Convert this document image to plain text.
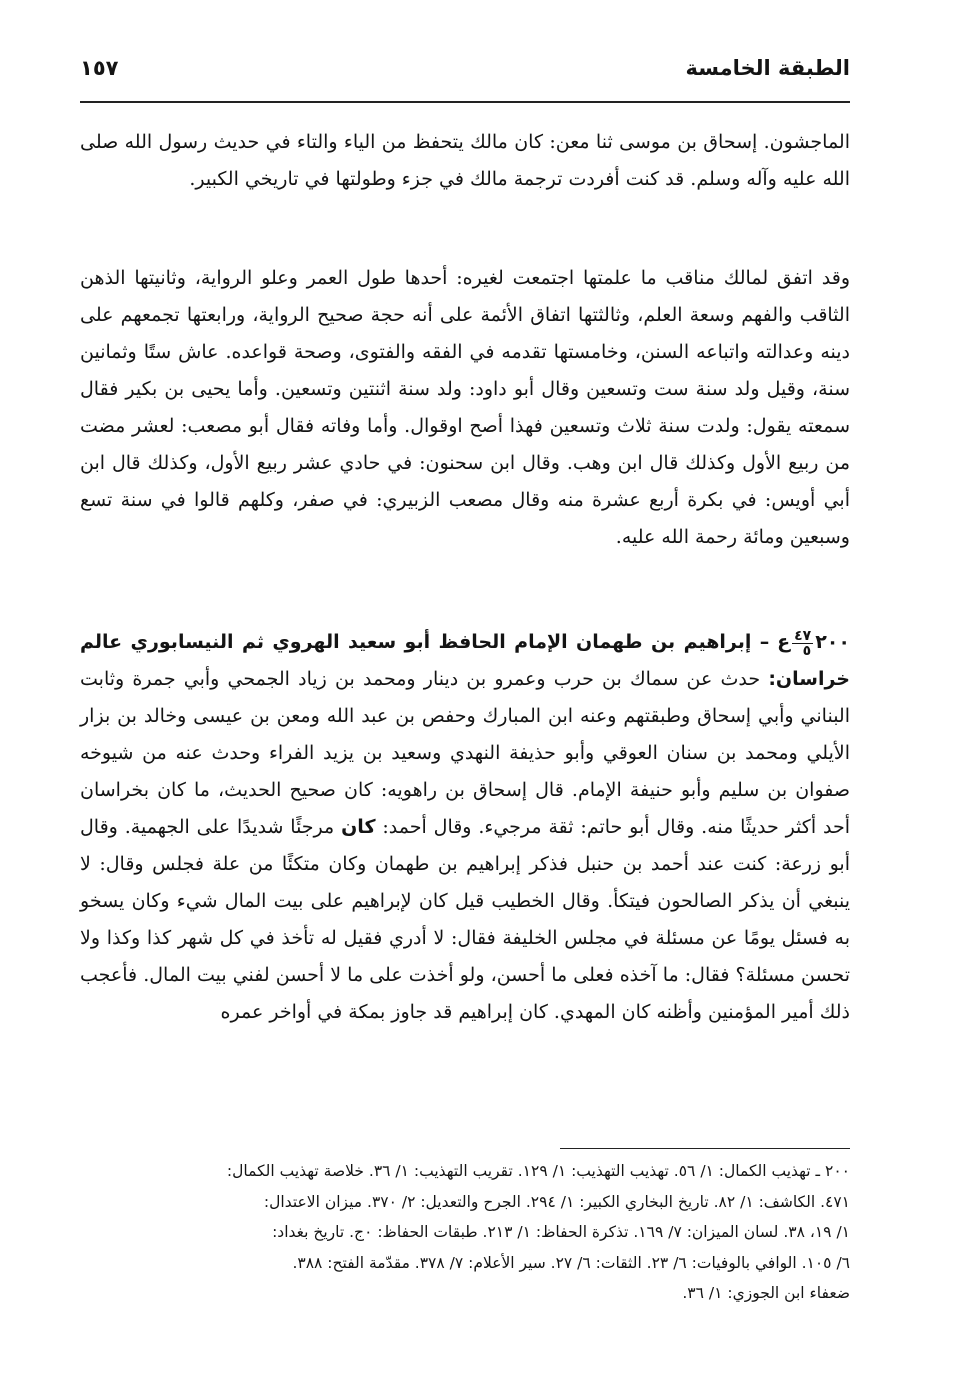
الطبقة الخامسة
١٥٧
الماجشون. إسحاق بن موسى ثنا معن: كان مالك يتحفظ من الياء والتاء في حديث رسول الله صلى الله عليه وآله وسلم. قد كنت أفردت ترجمة مالك في جزء وطولتها في تاريخي الكبير.
وقد اتفق لمالك مناقب ما علمتها اجتمعت لغيره: أحدها طول العمر وعلو الرواية، وثانيتها الذهن الثاقب والفهم وسعة العلم، وثالثتها اتفاق الأئمة على أنه حجة صحيح الرواية، ورابعتها تجمعهم على دينه وعدالته واتباعه السنن، وخامستها تقدمه في الفقه والفتوى، وصحة قواعده. عاش ستًا وثمانين سنة، وقيل ولد سنة ست وتسعين وقال أبو داود: ولد سنة اثنتين وتسعين. وأما يحيى بن بكير فقال سمعته يقول: ولدت سنة ثلاث وتسعين فهذا أصح اوقوال. وأما وفاته فقال أبو مصعب: لعشر مضت من ربيع الأول وكذلك قال ابن وهب. وقال ابن سحنون: في حادي عشر ربيع الأول، وكذلك قال ابن أبي أويس: في بكرة أربع عشرة منه وقال مصعب الزبيري: في صفر، وكلهم قالوا في سنة تسع وسبعين ومائة رحمة الله عليه.
٢٠٠
$\frac{٤٧}{٥}$
ع – إبراهيم بن طهمان الإمام الحافظ أبو سعيد الهروي ثم النيسابوري عالم خراسان: حدث عن سماك بن حرب وعمرو بن دينار ومحمد بن زياد الجمحي وأبي جمرة وثابت البناني وأبي إسحاق وطبقتهم وعنه ابن المبارك وحفص بن عبد الله ومعن بن عيسى وخالد بن بزار الأيلي ومحمد بن سنان العوقي وأبو حذيفة النهدي وسعيد بن يزيد الفراء وحدث عنه من شيوخه صفوان بن سليم وأبو حنيفة الإمام. قال إسحاق بن راهويه: كان صحيح الحديث، ما كان بخراسان أحد أكثر حديثًا منه. وقال أبو حاتم: ثقة مرجيء. وقال أحمد: كان مرجئًا شديدًا على الجهمية. وقال أبو زرعة: كنت عند أحمد بن حنبل فذكر إبراهيم بن طهمان وكان متكئًا من علة فجلس وقال: لا ينبغي أن يذكر الصالحون فيتكأ. وقال الخطيب قيل كان لإبراهيم على بيت المال شيء وكان يسخو به فسئل يومًا عن مسئلة في مجلس الخليفة فقال: لا أدري فقيل له تأخذ في كل شهر كذا وكذا ولا تحسن مسئلة؟ فقال: ما آخذه فعلى ما أحسن، ولو أخذت على ما لا أحسن لفني بيت المال. فأعجب ذلك أمير المؤمنين وأظنه كان المهدي. كان إبراهيم قد جاوز بمكة في أواخر عمره

٢٠٠ ـ تهذيب الكمال: ١/ ٥٦. تهذيب التهذيب: ١/ ١٢٩. تقريب التهذيب: ١/ ٣٦. خلاصة تهذيب الكمال:

٤٧١. الكاشف: ١/ ٨٢. تاريخ البخاري الكبير: ١/ ٢٩٤. الجرح والتعديل: ٢/ ٣٧٠. ميزان الاعتدال:

١/ ١٩، ٣٨. لسان الميزان: ٧/ ١٦٩. تذكرة الحفاظ: ١/ ٢١٣. طبقات الحفاظ: ٠ج. تاريخ بغداد:

٦/ ١٠٥. الوافي بالوفيات: ٦/ ٢٣. الثقات: ٦/ ٢٧. سير الأعلام: ٧/ ٣٧٨. مقدّمة الفتح: ٣٨٨.

ضعفاء ابن الجوزي: ١/ ٣٦.
